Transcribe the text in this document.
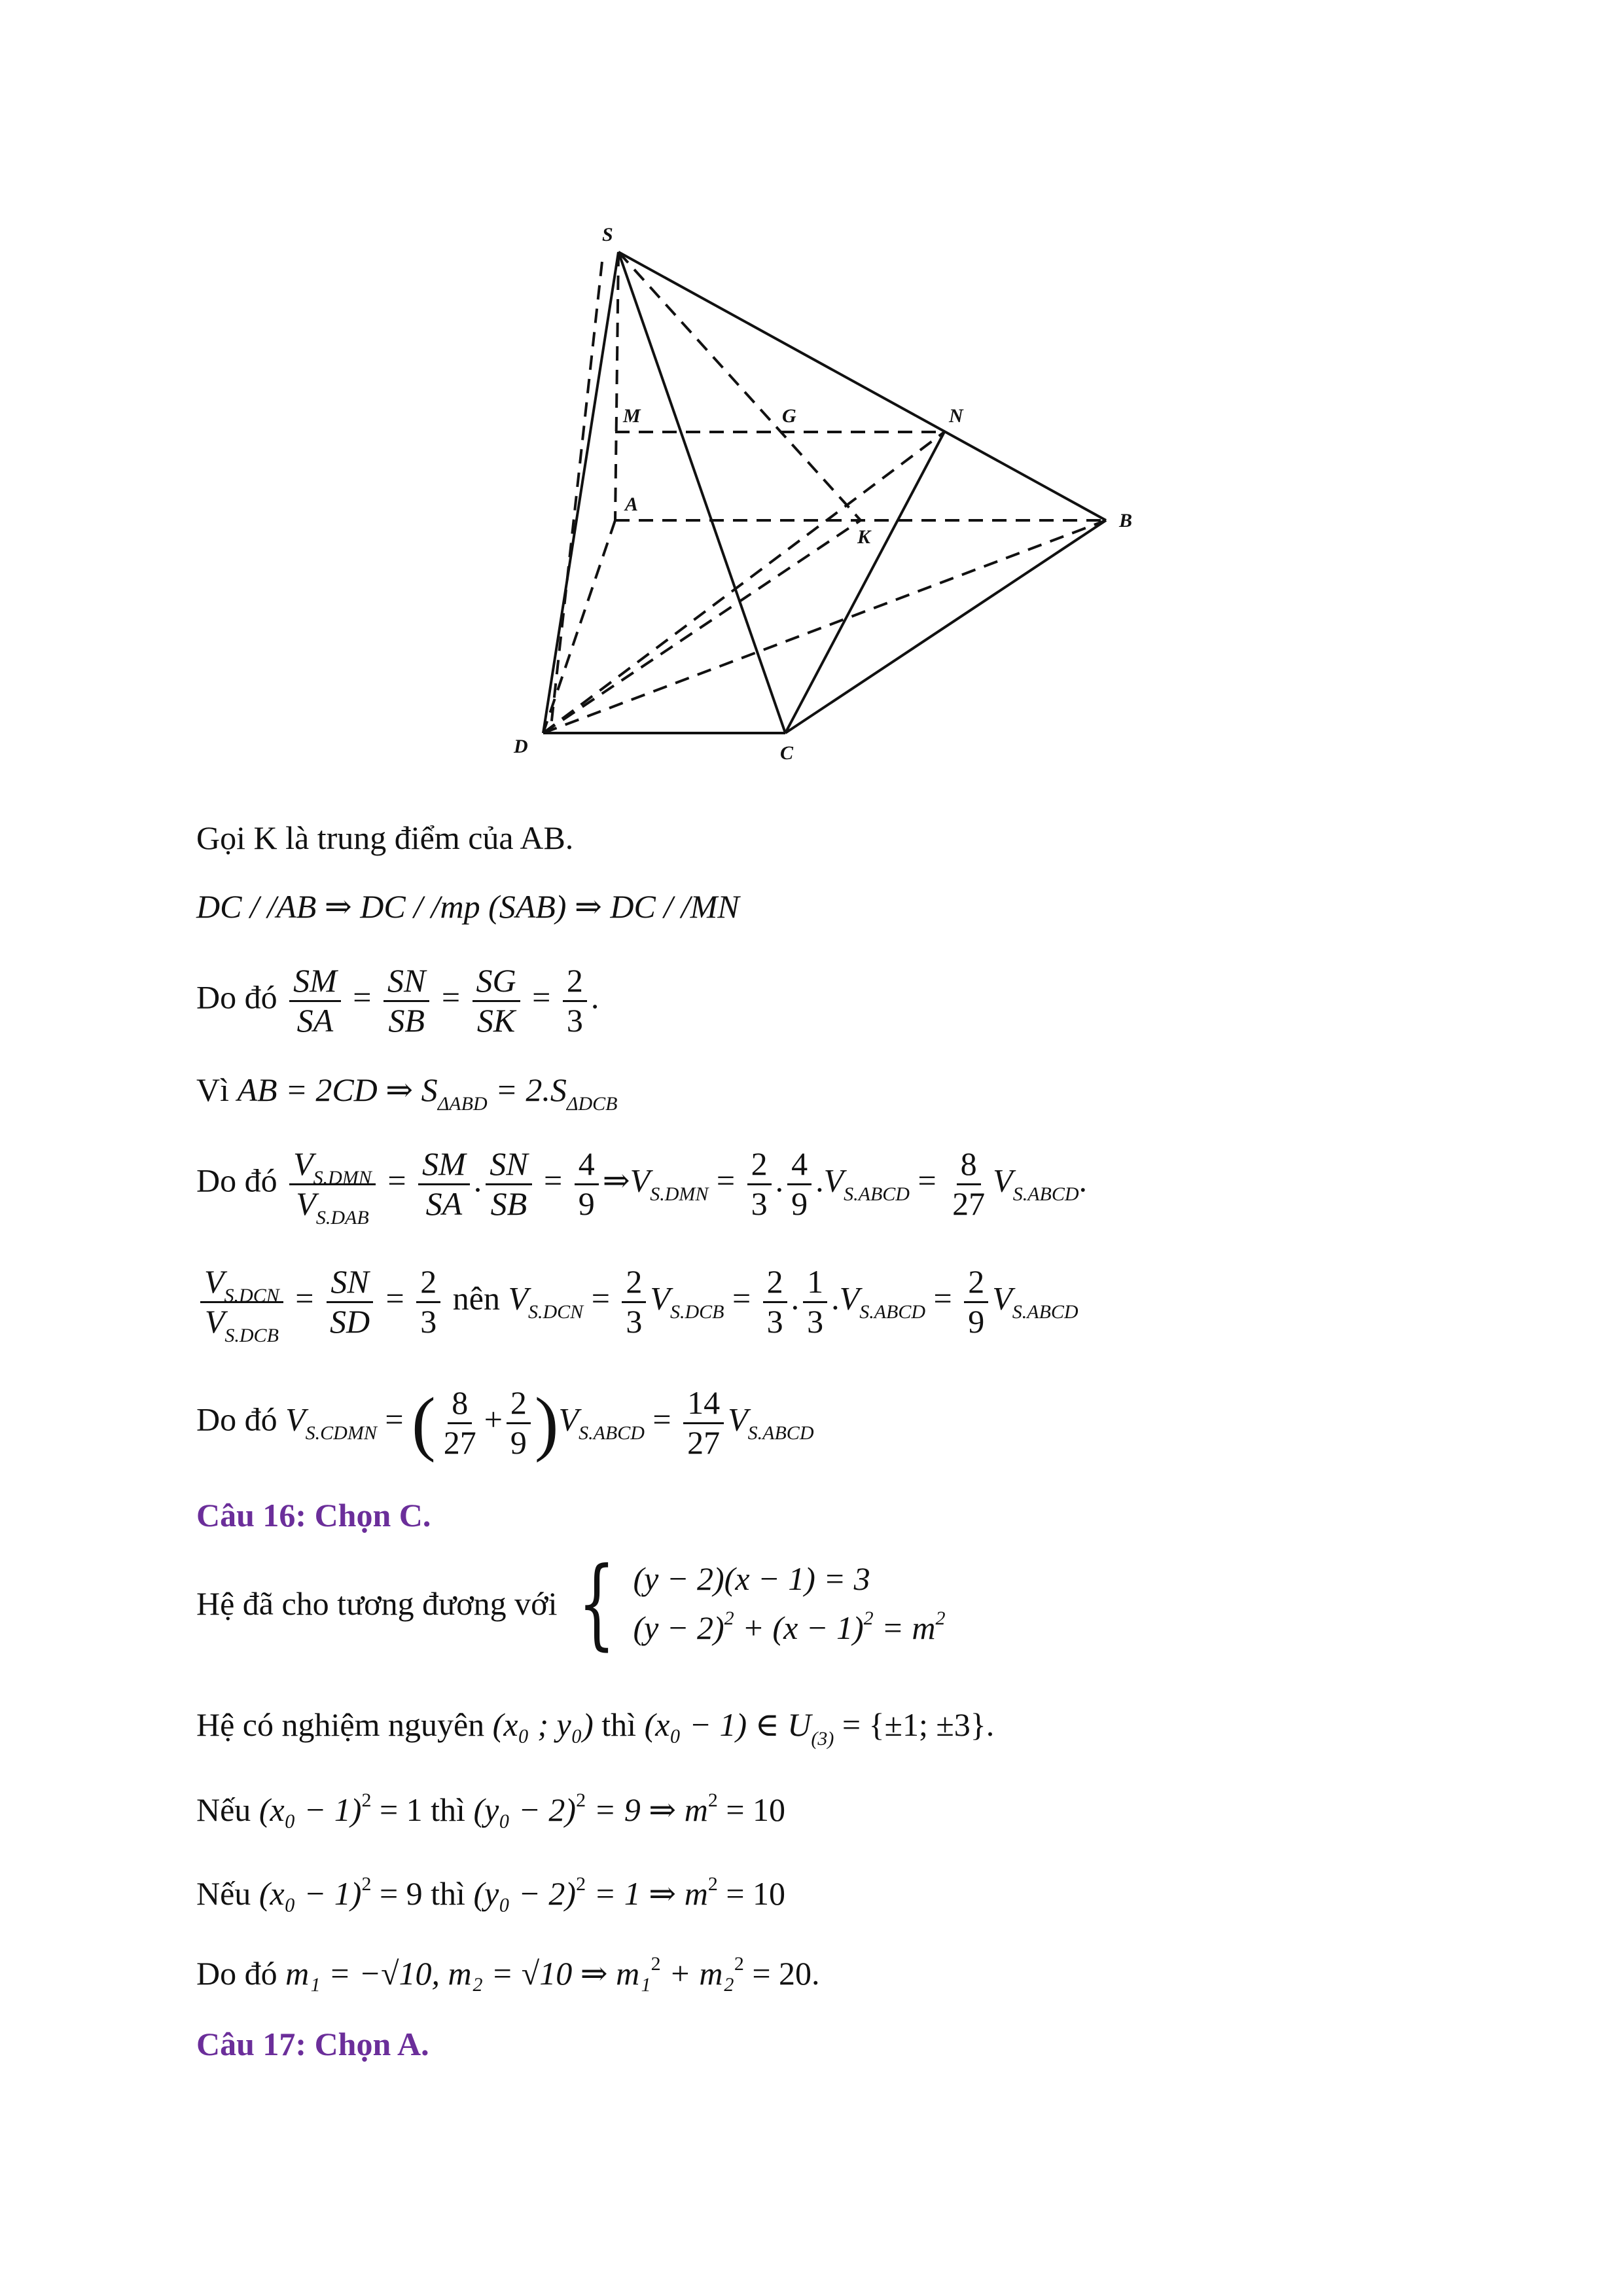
S
M	G	N
A
K
B
D	C
Gọi K là trung điểm của AB.
DC / /AB ⇒ DC / /mp (SAB) ⇒ DC / /MN
Do đó $\frac{SM}{SA} = \frac{SN}{SB} = \frac{SG}{SK} = \frac{2}{3}$ .
Vì AB = 2CD ⇒ $S_{\Delta ABD} = 2.S_{\Delta DCB}$
Do đó $\frac{V_{S.DMN}}{V_{S.DAB}} = \frac{SM}{SA}$ . $\frac{SN}{SB} = \frac{4}{9}$ $\Rightarrow V_{S.DMN} = \frac{2}{3}$ . $\frac{4}{9} .V_{S.ABCD} = \frac{8}{27} V_{S.ABCD}$.
$\frac{V_{S.DCN}}{V_{S.DCB}} = \frac{SN}{SD} = \frac{2}{3}$ nên $V_{S.DCN} = \frac{2}{3} V_{S.DCB} = \frac{2}{3}$ . $\frac{1}{3} .V_{S.ABCD} = \frac{2}{9} V_{S.ABCD}$
Do đó $V_{S.CDMN}$ = ( $\frac{8}{27} + \frac{2}{9} )V_{S.ABCD} = \frac{14}{27} V_{S.ABCD}$
Câu 16: Chọn C.
Hệ đã cho tương đương với { (y − 2)(x − 1) = 3
$(y - 2)^2 + (x - 1)^2 = m^2$
Hệ có nghiệm nguyên (x₀ ; y₀) thì (x₀ − 1) ∈ $U_{(3)} = \{\pm 1$; ±3}.
Nếu $(x_0 - 1)^2 = 1$ thì $(y_0 - 2)^2 = 9$ ⇒ $m^2 = 10$
Nếu $(x_0 - 1)^2 = 9$ thì $(y_0 - 2)^2 = 1$ ⇒ $m^2 = 10$
Do đó m₁ = −√10, m₂ = √10 ⇒ m₁$^2$ + m₂$^2$ = 20.
Câu 17: Chọn A.
